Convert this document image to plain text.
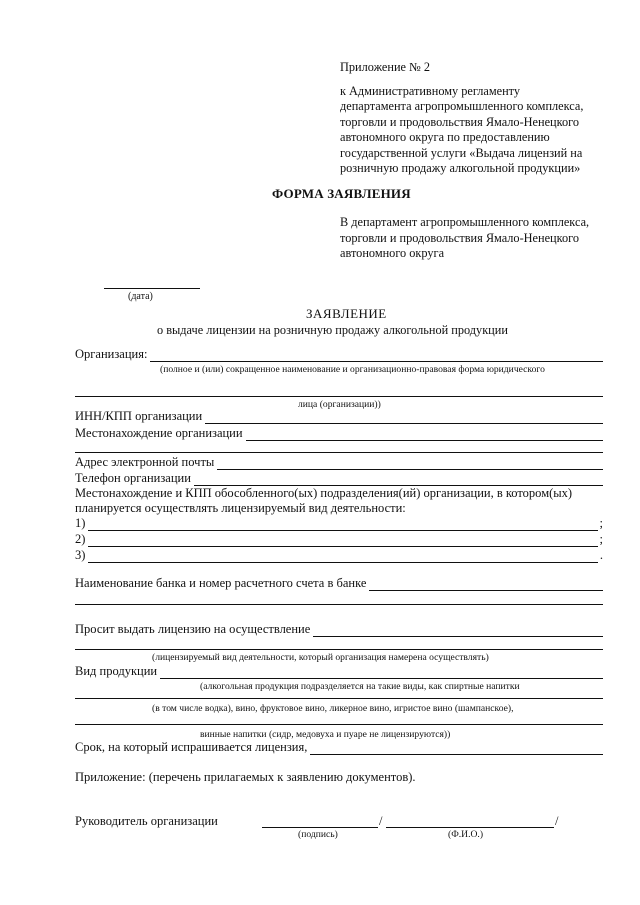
Приложение № 2
к Административному регламенту
департамента агропромышленного комплекса,
торговли и продовольствия Ямало-Ненецкого
автономного округа по предоставлению
государственной услуги «Выдача лицензий на
розничную продажу алкогольной продукции»
ФОРМА ЗАЯВЛЕНИЯ
В департамент агропромышленного комплекса,
торговли и продовольствия Ямало-Ненецкого
автономного округа
(дата)
ЗАЯВЛЕНИЕ
о выдаче лицензии на розничную продажу алкогольной продукции
Организация:
(полное и (или) сокращенное наименование и организационно-правовая форма юридического
лица (организации))
ИНН/КПП организации
Местонахождение организации
Адрес электронной почты
Телефон организации
Местонахождение и КПП обособленного(ых) подразделения(ий) организации, в котором(ых)
планируется осуществлять лицензируемый вид деятельности:
1)	;
2)	;
3)	.
Наименование банка и номер расчетного счета в банке
Просит выдать лицензию на осуществление
(лицензируемый вид деятельности, который организация намерена осуществлять)
Вид продукции
(алкогольная продукция подразделяется на такие виды, как спиртные напитки
(в том числе водка), вино, фруктовое вино, ликерное вино, игристое вино (шампанское),
винные напитки (сидр, медовуха и пуаре не лицензируются))
Срок, на который испрашивается лицензия,
Приложение: (перечень прилагаемых к заявлению документов).
Руководитель организации	/	/
(подпись)	(Ф.И.О.)
